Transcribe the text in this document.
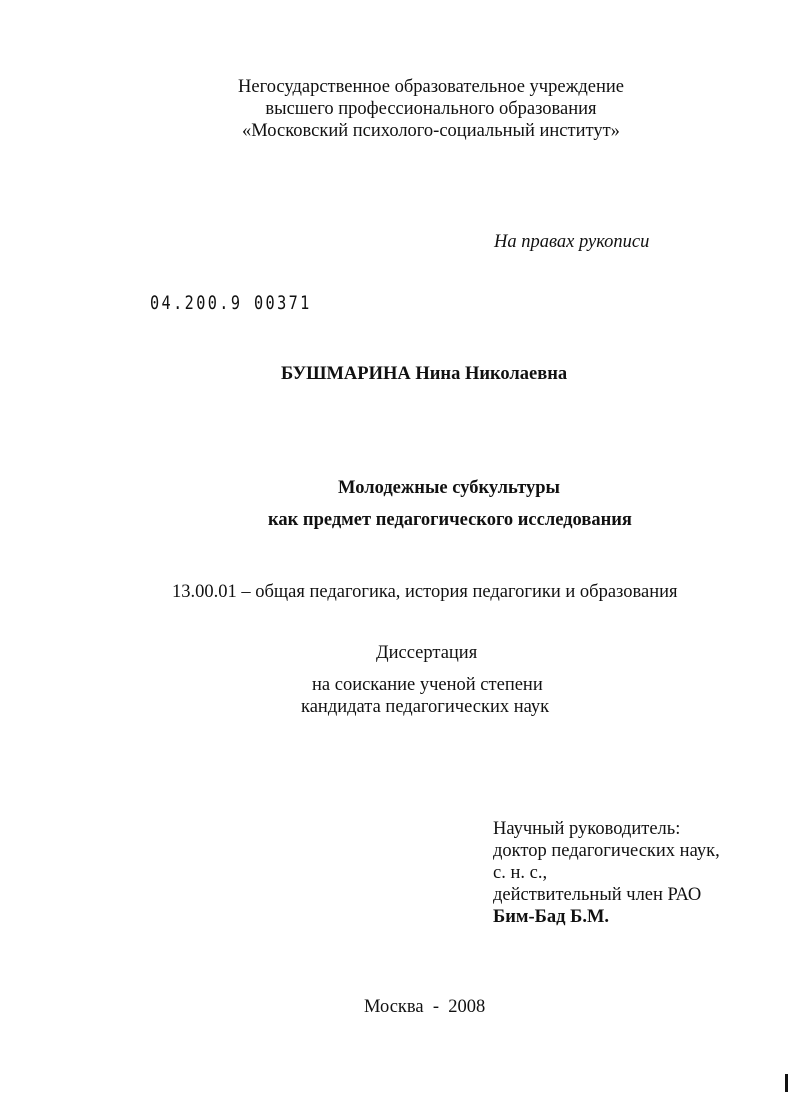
Негосударственное образовательное учреждение
высшего профессионального образования
«Московский психолого-социальный институт»
На правах рукописи
04.200.9 00371
БУШМАРИНА Нина Николаевна
Молодежные субкультуры
как предмет педагогического исследования
13.00.01 – общая педагогика, история педагогики и образования
Диссертация
на соискание ученой степени
кандидата педагогических наук
Научный руководитель:
доктор педагогических наук,
с. н. с.,
действительный член РАО
Бим-Бад Б.М.
Москва  -  2008
